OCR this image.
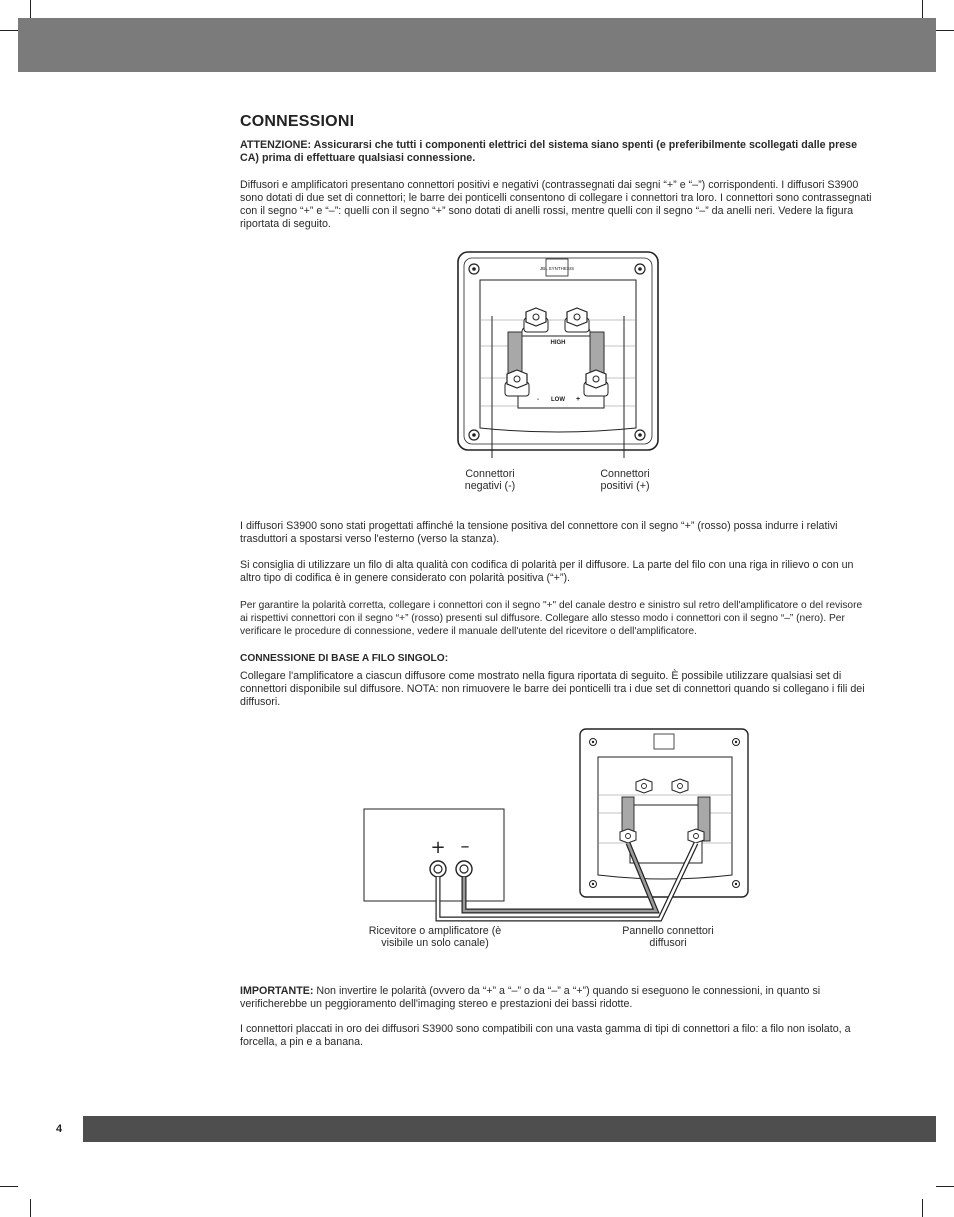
CONNESSIONI

ATTENZIONE: Assicurarsi che tutti i componenti elettrici del sistema siano spenti (e preferibilmente scollegati dalle prese CA) prima di effettuare qualsiasi connessione.

Diffusori e amplificatori presentano connettori positivi e negativi (contrassegnati dai segni “+” e “–”) corrispondenti. I diffusori S3900 sono dotati di due set di connettori; le barre dei ponticelli consentono di collegare i connettori tra loro. I connettori sono contrassegnati con il segno “+” e “–”: quelli con il segno “+” sono dotati di anelli rossi, mentre quelli con il segno “–” da anelli neri. Vedere la figura riportata di seguito.

I diffusori S3900 sono stati progettati affinché la tensione positiva del connettore con il segno “+” (rosso) possa indurre i relativi trasduttori a spostarsi verso l'esterno (verso la stanza).

Si consiglia di utilizzare un filo di alta qualità con codifica di polarità per il diffusore. La parte del filo con una riga in rilievo o con un altro tipo di codifica è in genere considerato con polarità positiva (“+”).

Per garantire la polarità corretta, collegare i connettori con il segno "+" del canale destro e sinistro sul retro dell'amplificatore o del revisore ai rispettivi connettori con il segno “+” (rosso) presenti sul diffusore. Collegare allo stesso modo i connettori con il segno “–” (nero). Per verificare le procedure di connessione, vedere il manuale dell'utente del ricevitore o dell'amplificatore.

CONNESSIONE DI BASE A FILO SINGOLO:

Collegare l'amplificatore a ciascun diffusore come mostrato nella figura riportata di seguito. È possibile utilizzare qualsiasi set di connettori disponibile sul diffusore. NOTA: non rimuovere le barre dei ponticelli tra i due set di connettori quando si collegano i fili dei diffusori.

IMPORTANTE: Non invertire le polarità (ovvero da “+” a “–” o da “–” a “+”) quando si eseguono le connessioni, in quanto si verificherebbe un peggioramento dell'imaging stereo e prestazioni dei bassi ridotte.

I connettori placcati in oro dei diffusori S3900 sono compatibili con una vasta gamma di tipi di connettori a filo: a filo non isolato, a forcella, a pin e a banana.

JBL SYNTHESIS
HIGH
- LOW +
Connettori negativi (-)
Connettori positivi (+)
+ –
Ricevitore o amplificatore (è visibile un solo canale)
Pannello connettori diffusori
4
